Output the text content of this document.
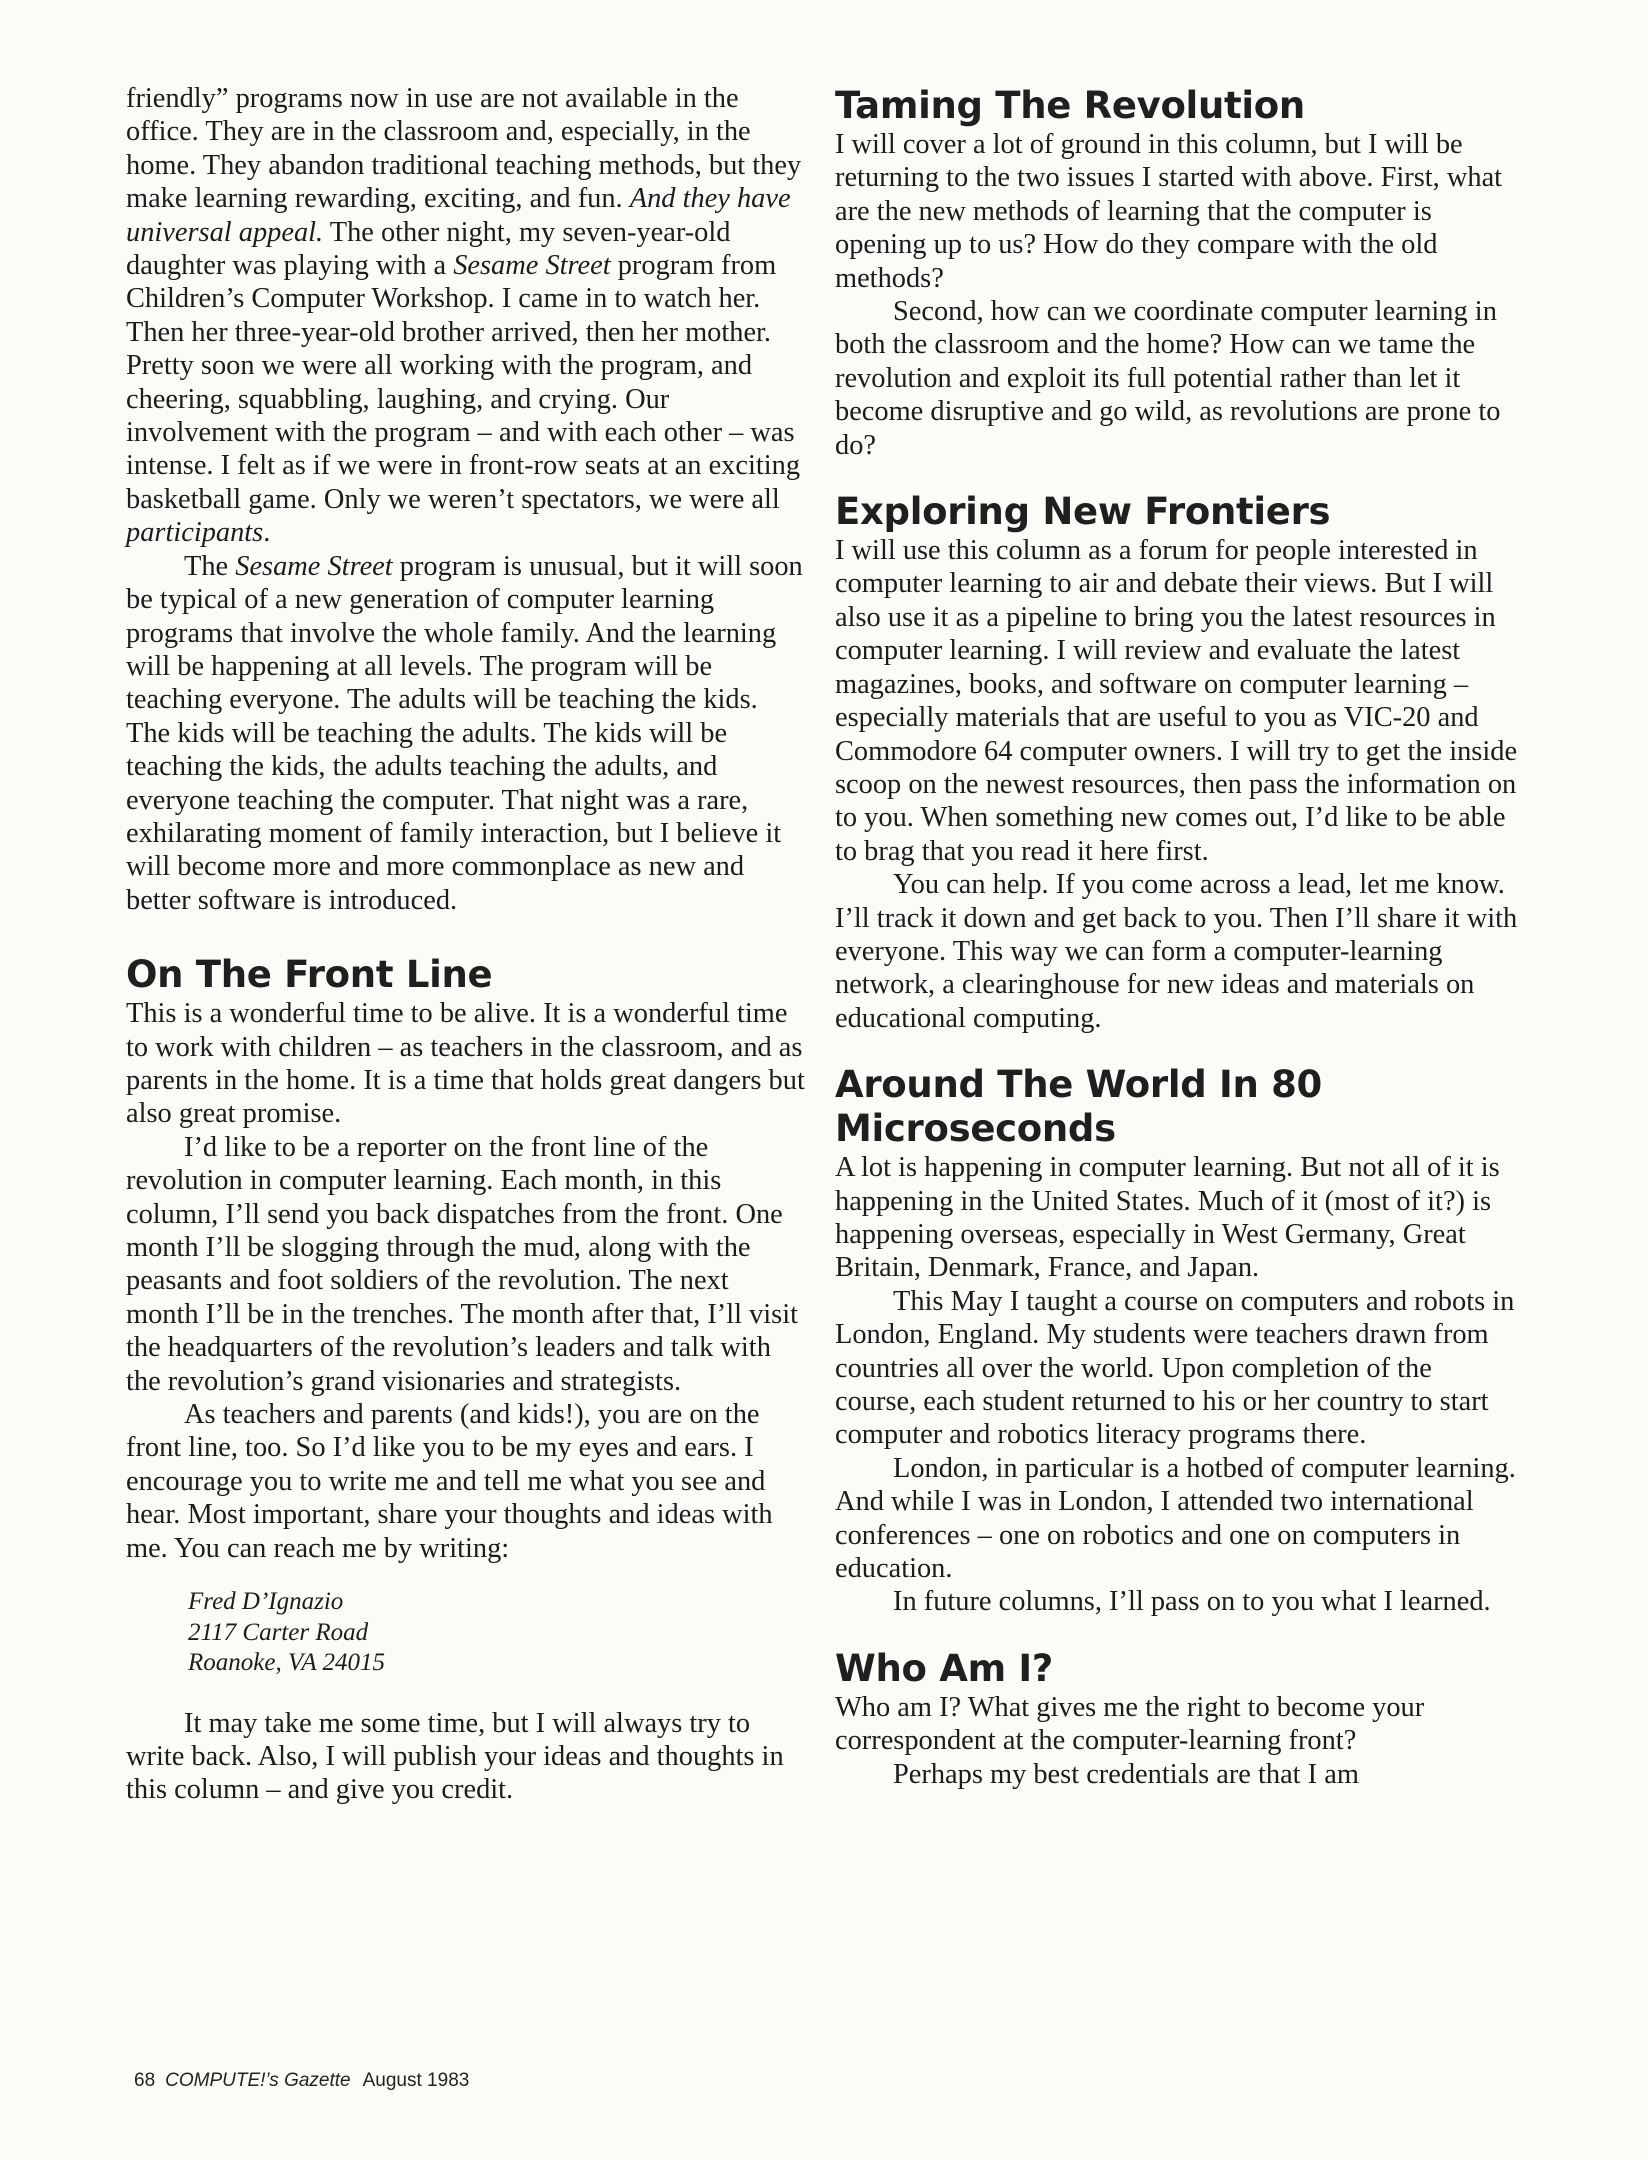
friendly” programs now in use are not available in the office. They are in the classroom and, especially, in the home. They abandon traditional teaching methods, but they make learning rewarding, exciting, and fun. And they have universal appeal. The other night, my seven-year-old daughter was playing with a Sesame Street program from Children’s Computer Workshop. I came in to watch her. Then her three-year-old brother arrived, then her mother. Pretty soon we were all working with the program, and cheering, squabbling, laughing, and crying. Our involvement with the program – and with each other – was intense. I felt as if we were in front-row seats at an exciting basketball game. Only we weren’t spectators, we were all participants.

The Sesame Street program is unusual, but it will soon be typical of a new generation of computer learning programs that involve the whole family. And the learning will be happening at all levels. The program will be teaching everyone. The adults will be teaching the kids. The kids will be teaching the adults. The kids will be teaching the kids, the adults teaching the adults, and everyone teaching the computer. That night was a rare, exhilarating moment of family interaction, but I believe it will become more and more commonplace as new and better software is introduced.

On The Front Line

This is a wonderful time to be alive. It is a wonderful time to work with children – as teachers in the classroom, and as parents in the home. It is a time that holds great dangers but also great promise.

I’d like to be a reporter on the front line of the revolution in computer learning. Each month, in this column, I’ll send you back dispatches from the front. One month I’ll be slogging through the mud, along with the peasants and foot soldiers of the revolution. The next month I’ll be in the trenches. The month after that, I’ll visit the headquarters of the revolution’s leaders and talk with the revolution’s grand visionaries and strategists.

As teachers and parents (and kids!), you are on the front line, too. So I’d like you to be my eyes and ears. I encourage you to write me and tell me what you see and hear. Most important, share your thoughts and ideas with me. You can reach me by writing:

Fred D’Ignazio
2117 Carter Road
Roanoke, VA 24015

It may take me some time, but I will always try to write back. Also, I will publish your ideas and thoughts in this column – and give you credit.

Taming The Revolution

I will cover a lot of ground in this column, but I will be returning to the two issues I started with above. First, what are the new methods of learning that the computer is opening up to us? How do they compare with the old methods?

Second, how can we coordinate computer learning in both the classroom and the home? How can we tame the revolution and exploit its full potential rather than let it become disruptive and go wild, as revolutions are prone to do?

Exploring New Frontiers

I will use this column as a forum for people interested in computer learning to air and debate their views. But I will also use it as a pipeline to bring you the latest resources in computer learning. I will review and evaluate the latest magazines, books, and software on computer learning – especially materials that are useful to you as VIC-20 and Commodore 64 computer owners. I will try to get the inside scoop on the newest resources, then pass the information on to you. When something new comes out, I’d like to be able to brag that you read it here first.

You can help. If you come across a lead, let me know. I’ll track it down and get back to you. Then I’ll share it with everyone. This way we can form a computer-learning network, a clearinghouse for new ideas and materials on educational computing.

Around The World In 80 Microseconds

A lot is happening in computer learning. But not all of it is happening in the United States. Much of it (most of it?) is happening overseas, especially in West Germany, Great Britain, Denmark, France, and Japan.

This May I taught a course on computers and robots in London, England. My students were teachers drawn from countries all over the world. Upon completion of the course, each student returned to his or her country to start computer and robotics literacy programs there.

London, in particular is a hotbed of computer learning. And while I was in London, I attended two international conferences – one on robotics and one on computers in education.

In future columns, I’ll pass on to you what I learned.

Who Am I?

Who am I? What gives me the right to become your correspondent at the computer-learning front?

Perhaps my best credentials are that I am

68 COMPUTE!’s Gazette August 1983
